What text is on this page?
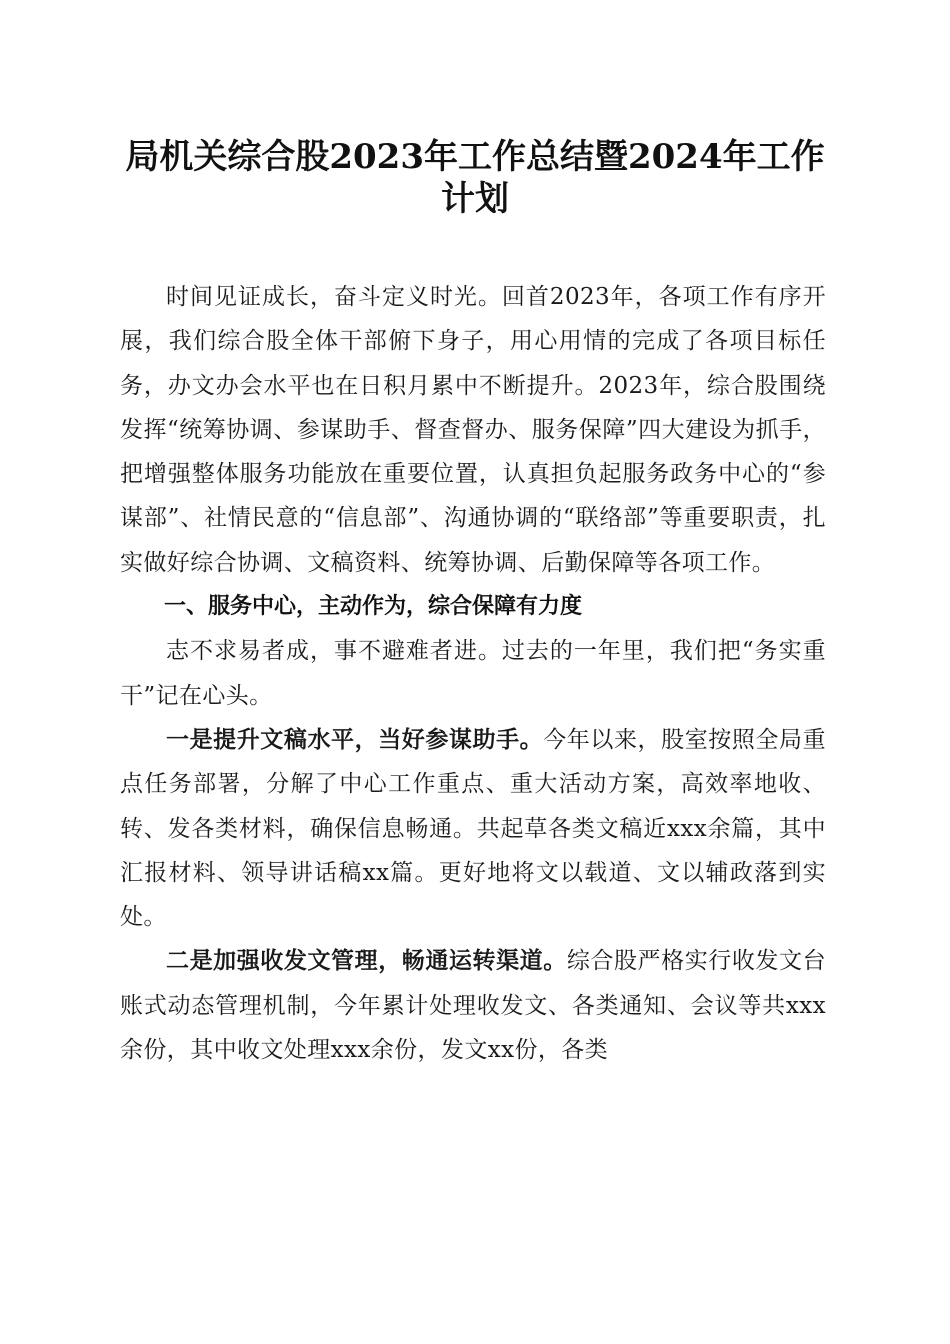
局机关综合股2023年工作总结暨2024年工作
计划

时间见证成长，奋斗定义时光。回首2023年，各项工作有序开展，我们综合股全体干部俯下身子，用心用情的完成了各项目标任务，办文办会水平也在日积月累中不断提升。2023年，综合股围绕发挥“统筹协调、参谋助手、督查督办、服务保障”四大建设为抓手，把增强整体服务功能放在重要位置，认真担负起服务政务中心的“参谋部”、社情民意的“信息部”、沟通协调的“联络部”等重要职责，扎实做好综合协调、文稿资料、统筹协调、后勤保障等各项工作。

一、服务中心，主动作为，综合保障有力度

志不求易者成，事不避难者进。过去的一年里，我们把“务实重干”记在心头。

一是提升文稿水平，当好参谋助手。今年以来，股室按照全局重点任务部署，分解了中心工作重点、重大活动方案，高效率地收、转、发各类材料，确保信息畅通。共起草各类文稿近xxx余篇，其中汇报材料、领导讲话稿xx篇。更好地将文以载道、文以辅政落到实处。

二是加强收发文管理，畅通运转渠道。综合股严格实行收发文台账式动态管理机制，今年累计处理收发文、各类通知、会议等共xxx余份，其中收文处理xxx余份，发文xx份，各类
